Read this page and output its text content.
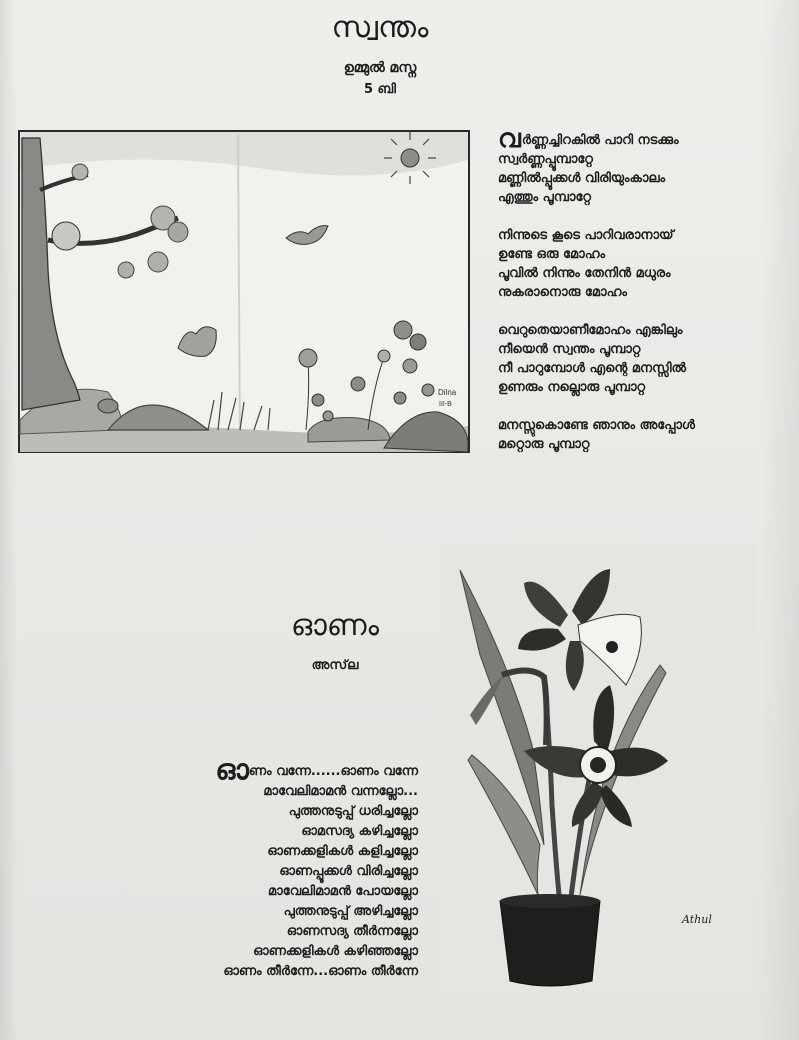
സ്വന്തം
ഉമ്മുൽ മസ്ന
5 ബി
Dilna
III-B
വർണ്ണച്ചിറകിൽ പാറി നടക്കും
സ്വർണ്ണപ്പൂമ്പാറ്റേ
മണ്ണിൽപ്പൂക്കൾ വിരിയുംകാലം
എത്തും പൂമ്പാറ്റേ
നിന്നുടെ കൂടെ പാറിവരാനായ്
ഉണ്ടേ ഒരു മോഹം
പൂവിൽ നിന്നും തേനിൻ മധുരം
നുകരാനൊരു മോഹം
വെറുതെയാണീമോഹം എങ്കിലും
നീയെൻ സ്വന്തം പൂമ്പാറ്റ
നീ പാറുമ്പോൾ എന്റെ മനസ്സിൽ
ഉണരും നല്ലൊരു പൂമ്പാറ്റ
മനസ്സുകൊണ്ടേ ഞാനും അപ്പോൾ
മറ്റൊരു പൂമ്പാറ്റ
ഓണം
അസ്‌ല
ഓണം വന്നേ......ഓണം വന്നേ
മാവേലിമാമൻ വന്നല്ലോ...
പുത്തനുടുപ്പ് ധരിച്ചല്ലോ
ഓമസദ്യ കഴിച്ചല്ലോ
ഓണക്കളികൾ കളിച്ചല്ലോ
ഓണപ്പൂക്കൾ വിരിച്ചല്ലോ
മാവേലിമാമൻ പോയല്ലോ
പുത്തനുടുപ്പ് അഴിച്ചല്ലോ
ഓണസദ്യ തീർന്നല്ലോ
ഓണക്കളികൾ കഴിഞ്ഞല്ലോ
ഓണം തീർന്നേ...ഓണം തീർന്നേ
Athul
